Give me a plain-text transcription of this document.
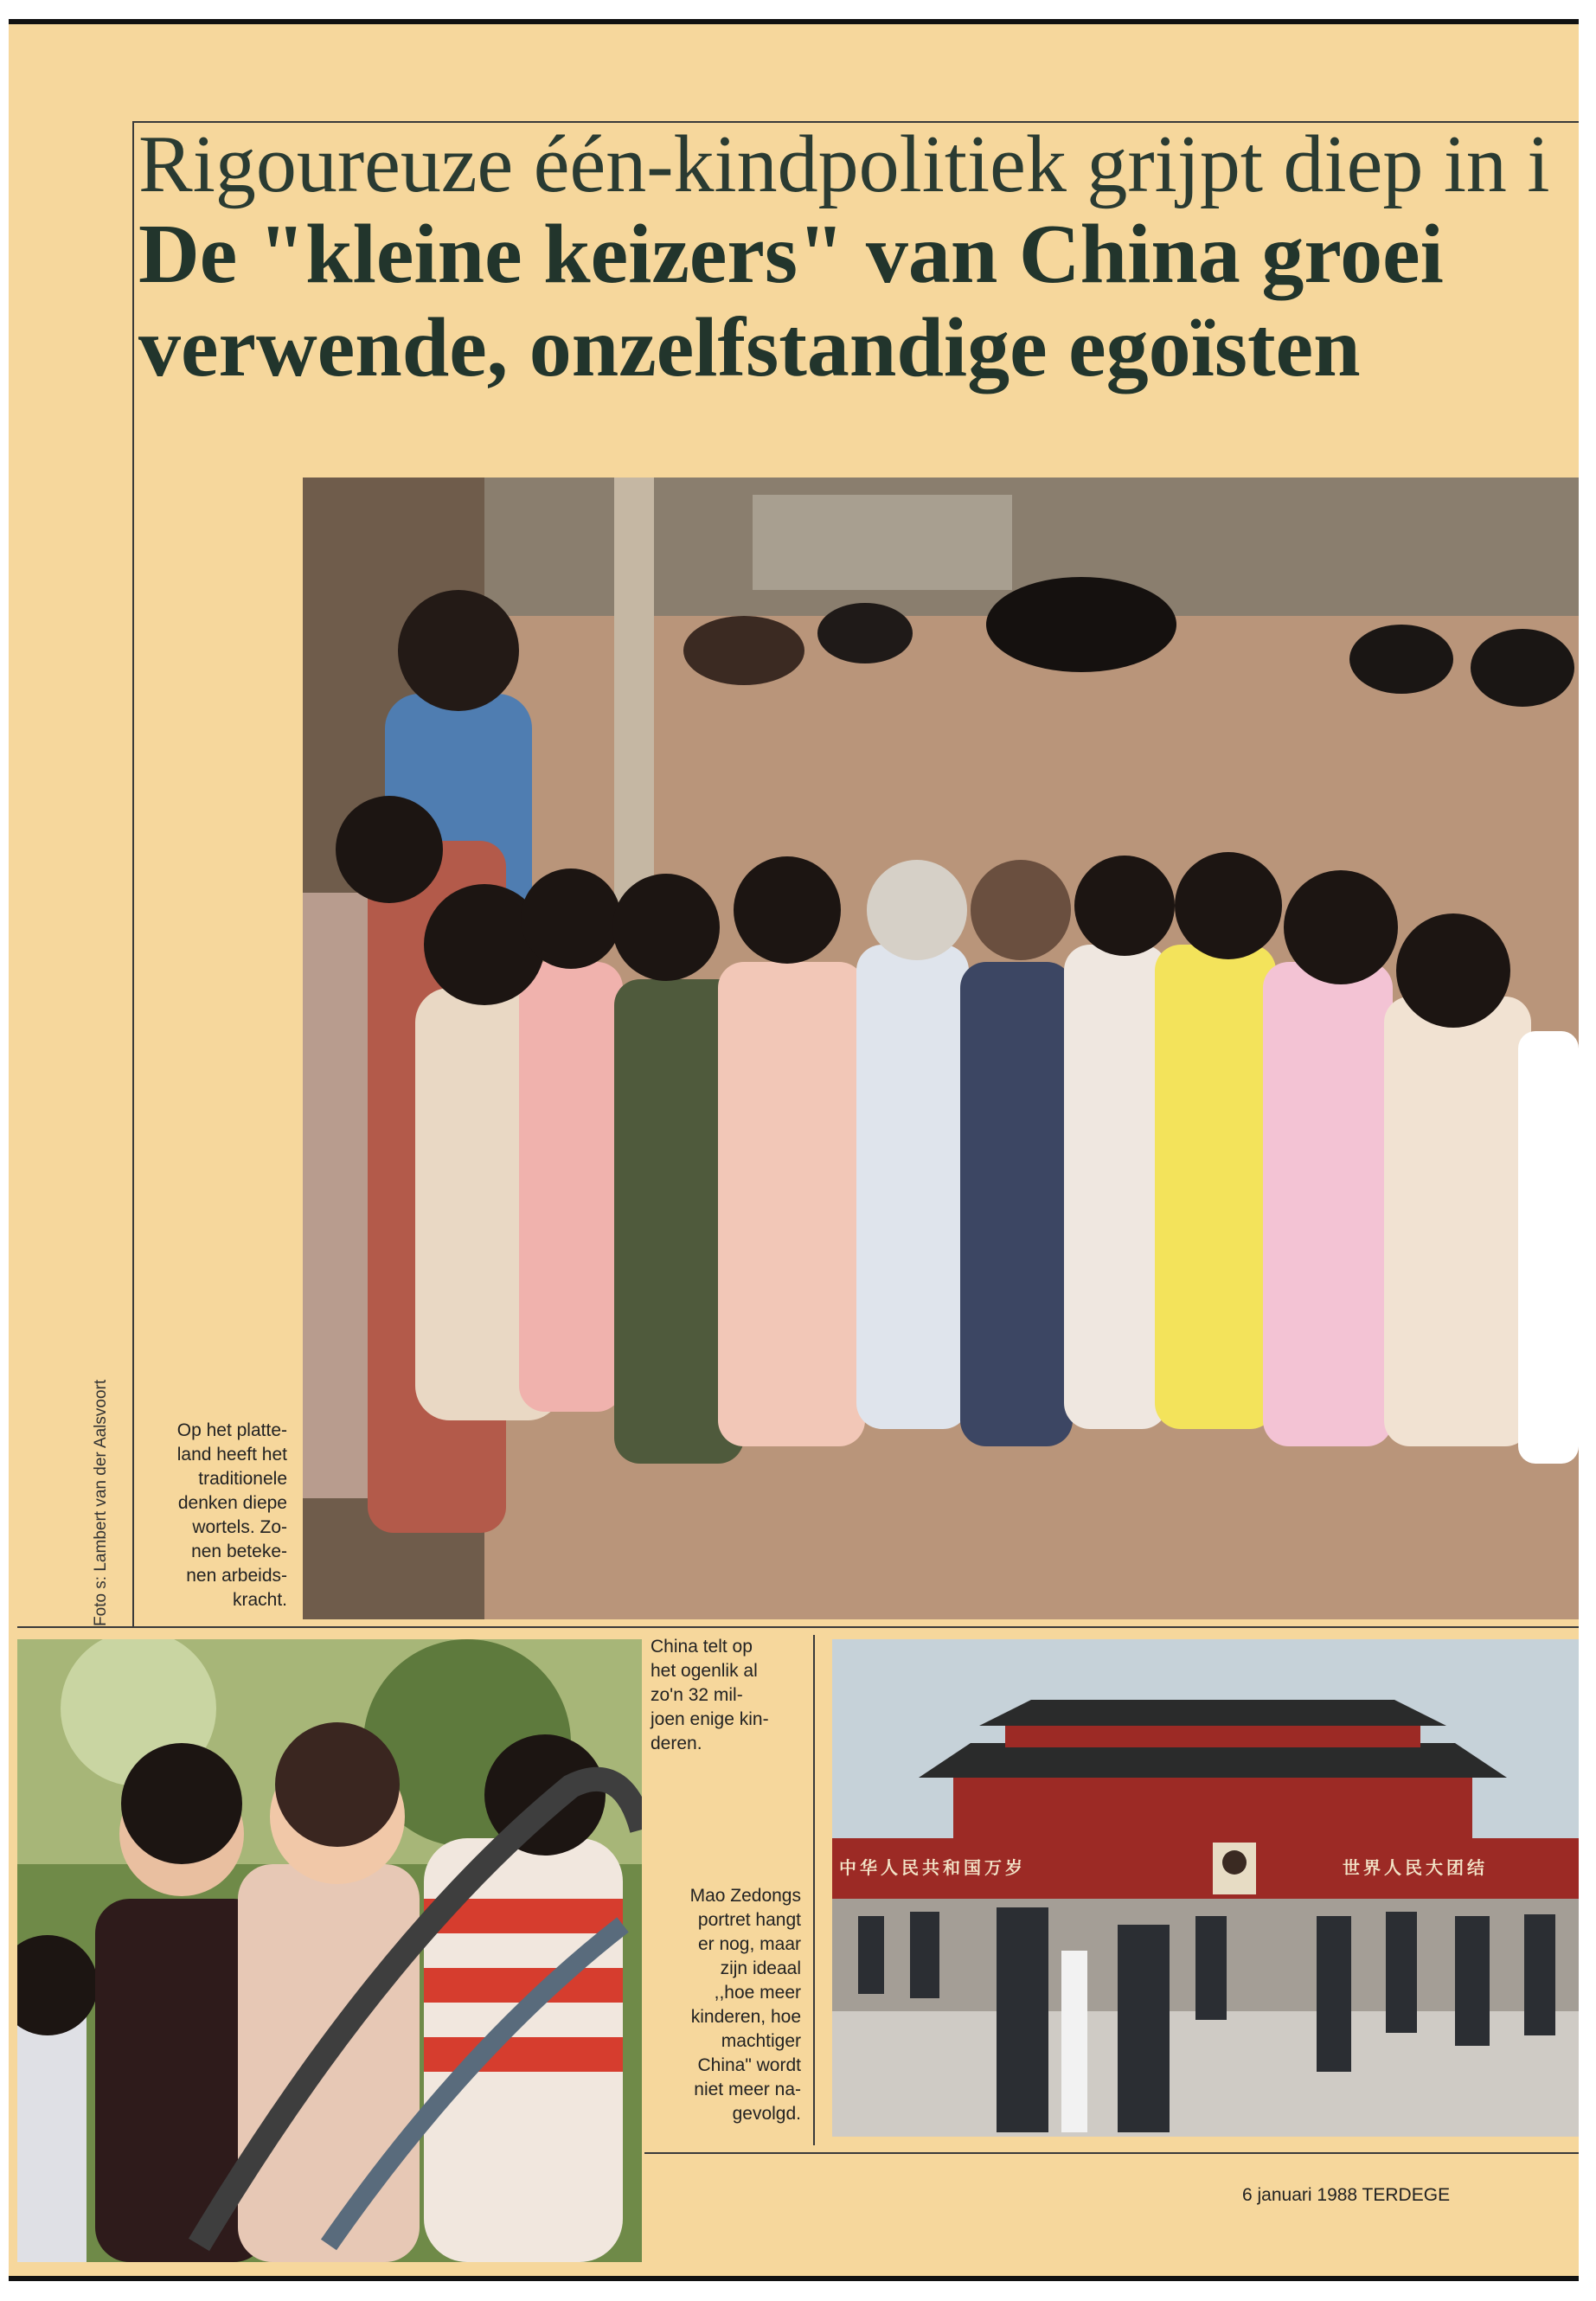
Rigoureuze één-kindpolitiek grijpt diep in i
De "kleine keizers" van China groei
verwende, onzelfstandige egoïsten
Foto s: Lambert van der Aalsvoort	Op het platte-
land heeft het
traditionele
denken diepe
wortels. Zo-
nen beteke-
nen arbeids-
kracht.
China telt op
het ogenlik al
zo'n 32 mil-
joen enige kin-
deren.
Mao Zedongs
portret hangt
er nog, maar
zijn ideaal
,,hoe meer
kinderen, hoe
machtiger
China" wordt
niet meer na-
gevolgd.
中华人民共和国万岁	世界人民大团结
6 januari 1988 TERDEGE
